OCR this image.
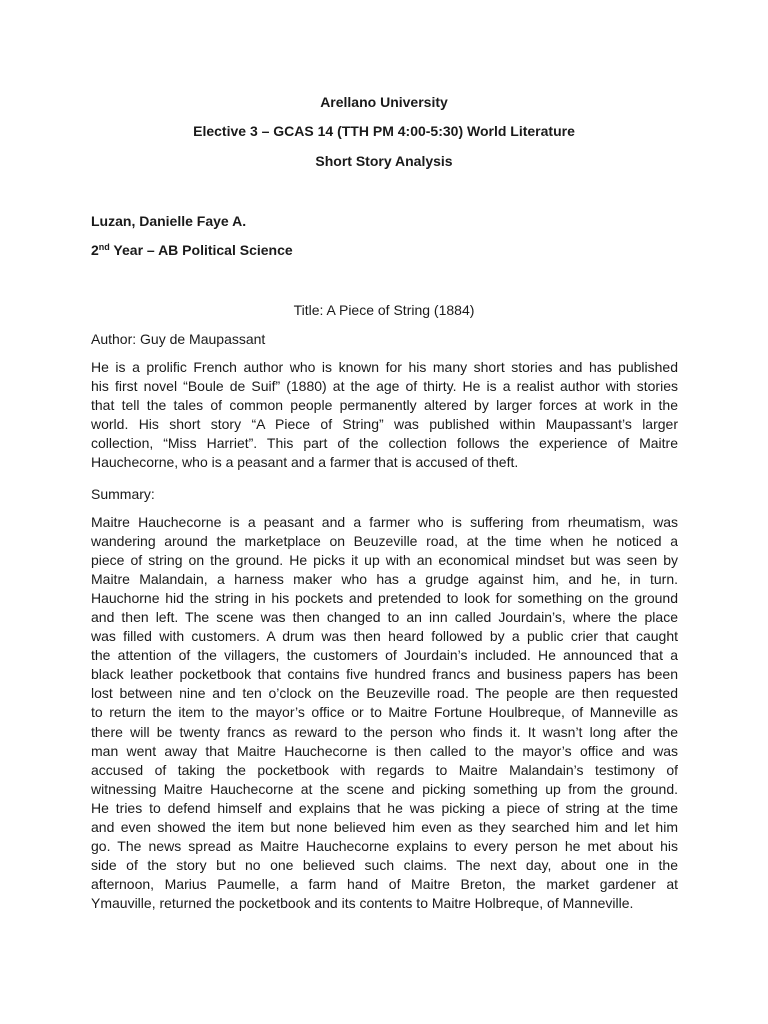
Arellano University
Elective 3 – GCAS 14 (TTH PM 4:00-5:30) World Literature
Short Story Analysis
Luzan, Danielle Faye A.
2nd Year – AB Political Science
Title: A Piece of String (1884)
Author: Guy de Maupassant
He is a prolific French author who is known for his many short stories and has published
his first novel “Boule de Suif” (1880) at the age of thirty. He is a realist author with stories
that tell the tales of common people permanently altered by larger forces at work in the
world. His short story “A Piece of String” was published within Maupassant’s larger
collection, “Miss Harriet”. This part of the collection follows the experience of Maitre
Hauchecorne, who is a peasant and a farmer that is accused of theft.
Summary:
Maitre Hauchecorne is a peasant and a farmer who is suffering from rheumatism, was
wandering around the marketplace on Beuzeville road, at the time when he noticed a
piece of string on the ground. He picks it up with an economical mindset but was seen by
Maitre Malandain, a harness maker who has a grudge against him, and he, in turn.
Hauchorne hid the string in his pockets and pretended to look for something on the ground
and then left. The scene was then changed to an inn called Jourdain’s, where the place
was filled with customers. A drum was then heard followed by a public crier that caught
the attention of the villagers, the customers of Jourdain’s included. He announced that a
black leather pocketbook that contains five hundred francs and business papers has been
lost between nine and ten o’clock on the Beuzeville road. The people are then requested
to return the item to the mayor’s office or to Maitre Fortune Houlbreque, of Manneville as
there will be twenty francs as reward to the person who finds it. It wasn’t long after the
man went away that Maitre Hauchecorne is then called to the mayor’s office and was
accused of taking the pocketbook with regards to Maitre Malandain’s testimony of
witnessing Maitre Hauchecorne at the scene and picking something up from the ground.
He tries to defend himself and explains that he was picking a piece of string at the time
and even showed the item but none believed him even as they searched him and let him
go. The news spread as Maitre Hauchecorne explains to every person he met about his
side of the story but no one believed such claims. The next day, about one in the
afternoon, Marius Paumelle, a farm hand of Maitre Breton, the market gardener at
Ymauville, returned the pocketbook and its contents to Maitre Holbreque, of Manneville.
